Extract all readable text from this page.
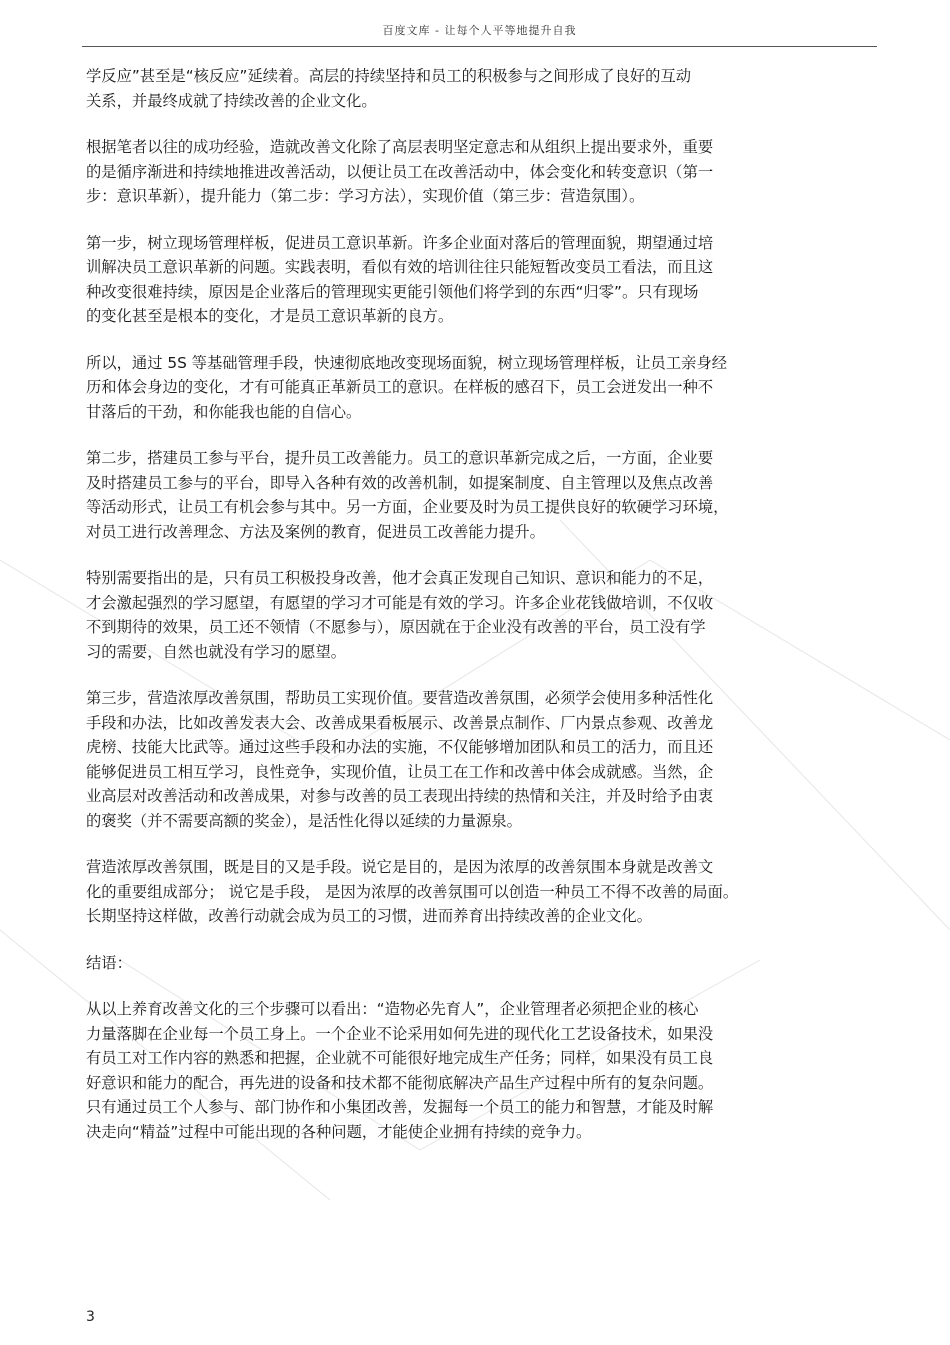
百度文库 - 让每个人平等地提升自我

学反应”甚至是“核反应”延续着。高层的持续坚持和员工的积极参与之间形成了良好的互动
关系，并最终成就了持续改善的企业文化。

根据笔者以往的成功经验，造就改善文化除了高层表明坚定意志和从组织上提出要求外，重要
的是循序渐进和持续地推进改善活动，以便让员工在改善活动中，体会变化和转变意识（第一
步：意识革新），提升能力（第二步：学习方法），实现价值（第三步：营造氛围）。

第一步，树立现场管理样板，促进员工意识革新。许多企业面对落后的管理面貌，期望通过培
训解决员工意识革新的问题。实践表明，看似有效的培训往往只能短暂改变员工看法，而且这
种改变很难持续，原因是企业落后的管理现实更能引领他们将学到的东西“归零”。只有现场
的变化甚至是根本的变化，才是员工意识革新的良方。

所以，通过 5S 等基础管理手段，快速彻底地改变现场面貌，树立现场管理样板，让员工亲身经
历和体会身边的变化，才有可能真正革新员工的意识。在样板的感召下，员工会迸发出一种不
甘落后的干劲，和你能我也能的自信心。

第二步，搭建员工参与平台，提升员工改善能力。员工的意识革新完成之后，一方面，企业要
及时搭建员工参与的平台，即导入各种有效的改善机制，如提案制度、自主管理以及焦点改善
等活动形式，让员工有机会参与其中。另一方面，企业要及时为员工提供良好的软硬学习环境，
对员工进行改善理念、方法及案例的教育，促进员工改善能力提升。

特别需要指出的是，只有员工积极投身改善，他才会真正发现自己知识、意识和能力的不足，
才会激起强烈的学习愿望，有愿望的学习才可能是有效的学习。许多企业花钱做培训，不仅收
不到期待的效果，员工还不领情（不愿参与），原因就在于企业没有改善的平台，员工没有学
习的需要，自然也就没有学习的愿望。

第三步，营造浓厚改善氛围，帮助员工实现价值。要营造改善氛围，必须学会使用多种活性化
手段和办法，比如改善发表大会、改善成果看板展示、改善景点制作、厂内景点参观、改善龙
虎榜、技能大比武等。通过这些手段和办法的实施，不仅能够增加团队和员工的活力，而且还
能够促进员工相互学习，良性竞争，实现价值，让员工在工作和改善中体会成就感。当然，企
业高层对改善活动和改善成果，对参与改善的员工表现出持续的热情和关注，并及时给予由衷
的褒奖（并不需要高额的奖金），是活性化得以延续的力量源泉。

营造浓厚改善氛围，既是目的又是手段。说它是目的，是因为浓厚的改善氛围本身就是改善文
化的重要组成部分； 说它是手段， 是因为浓厚的改善氛围可以创造一种员工不得不改善的局面。
长期坚持这样做，改善行动就会成为员工的习惯，进而养育出持续改善的企业文化。

结语：

从以上养育改善文化的三个步骤可以看出：“造物必先育人”，企业管理者必须把企业的核心
力量落脚在企业每一个员工身上。一个企业不论采用如何先进的现代化工艺设备技术，如果没
有员工对工作内容的熟悉和把握，企业就不可能很好地完成生产任务；同样，如果没有员工良
好意识和能力的配合，再先进的设备和技术都不能彻底解决产品生产过程中所有的复杂问题。
只有通过员工个人参与、部门协作和小集团改善，发掘每一个员工的能力和智慧，才能及时解
决走向“精益”过程中可能出现的各种问题，才能使企业拥有持续的竞争力。

3
